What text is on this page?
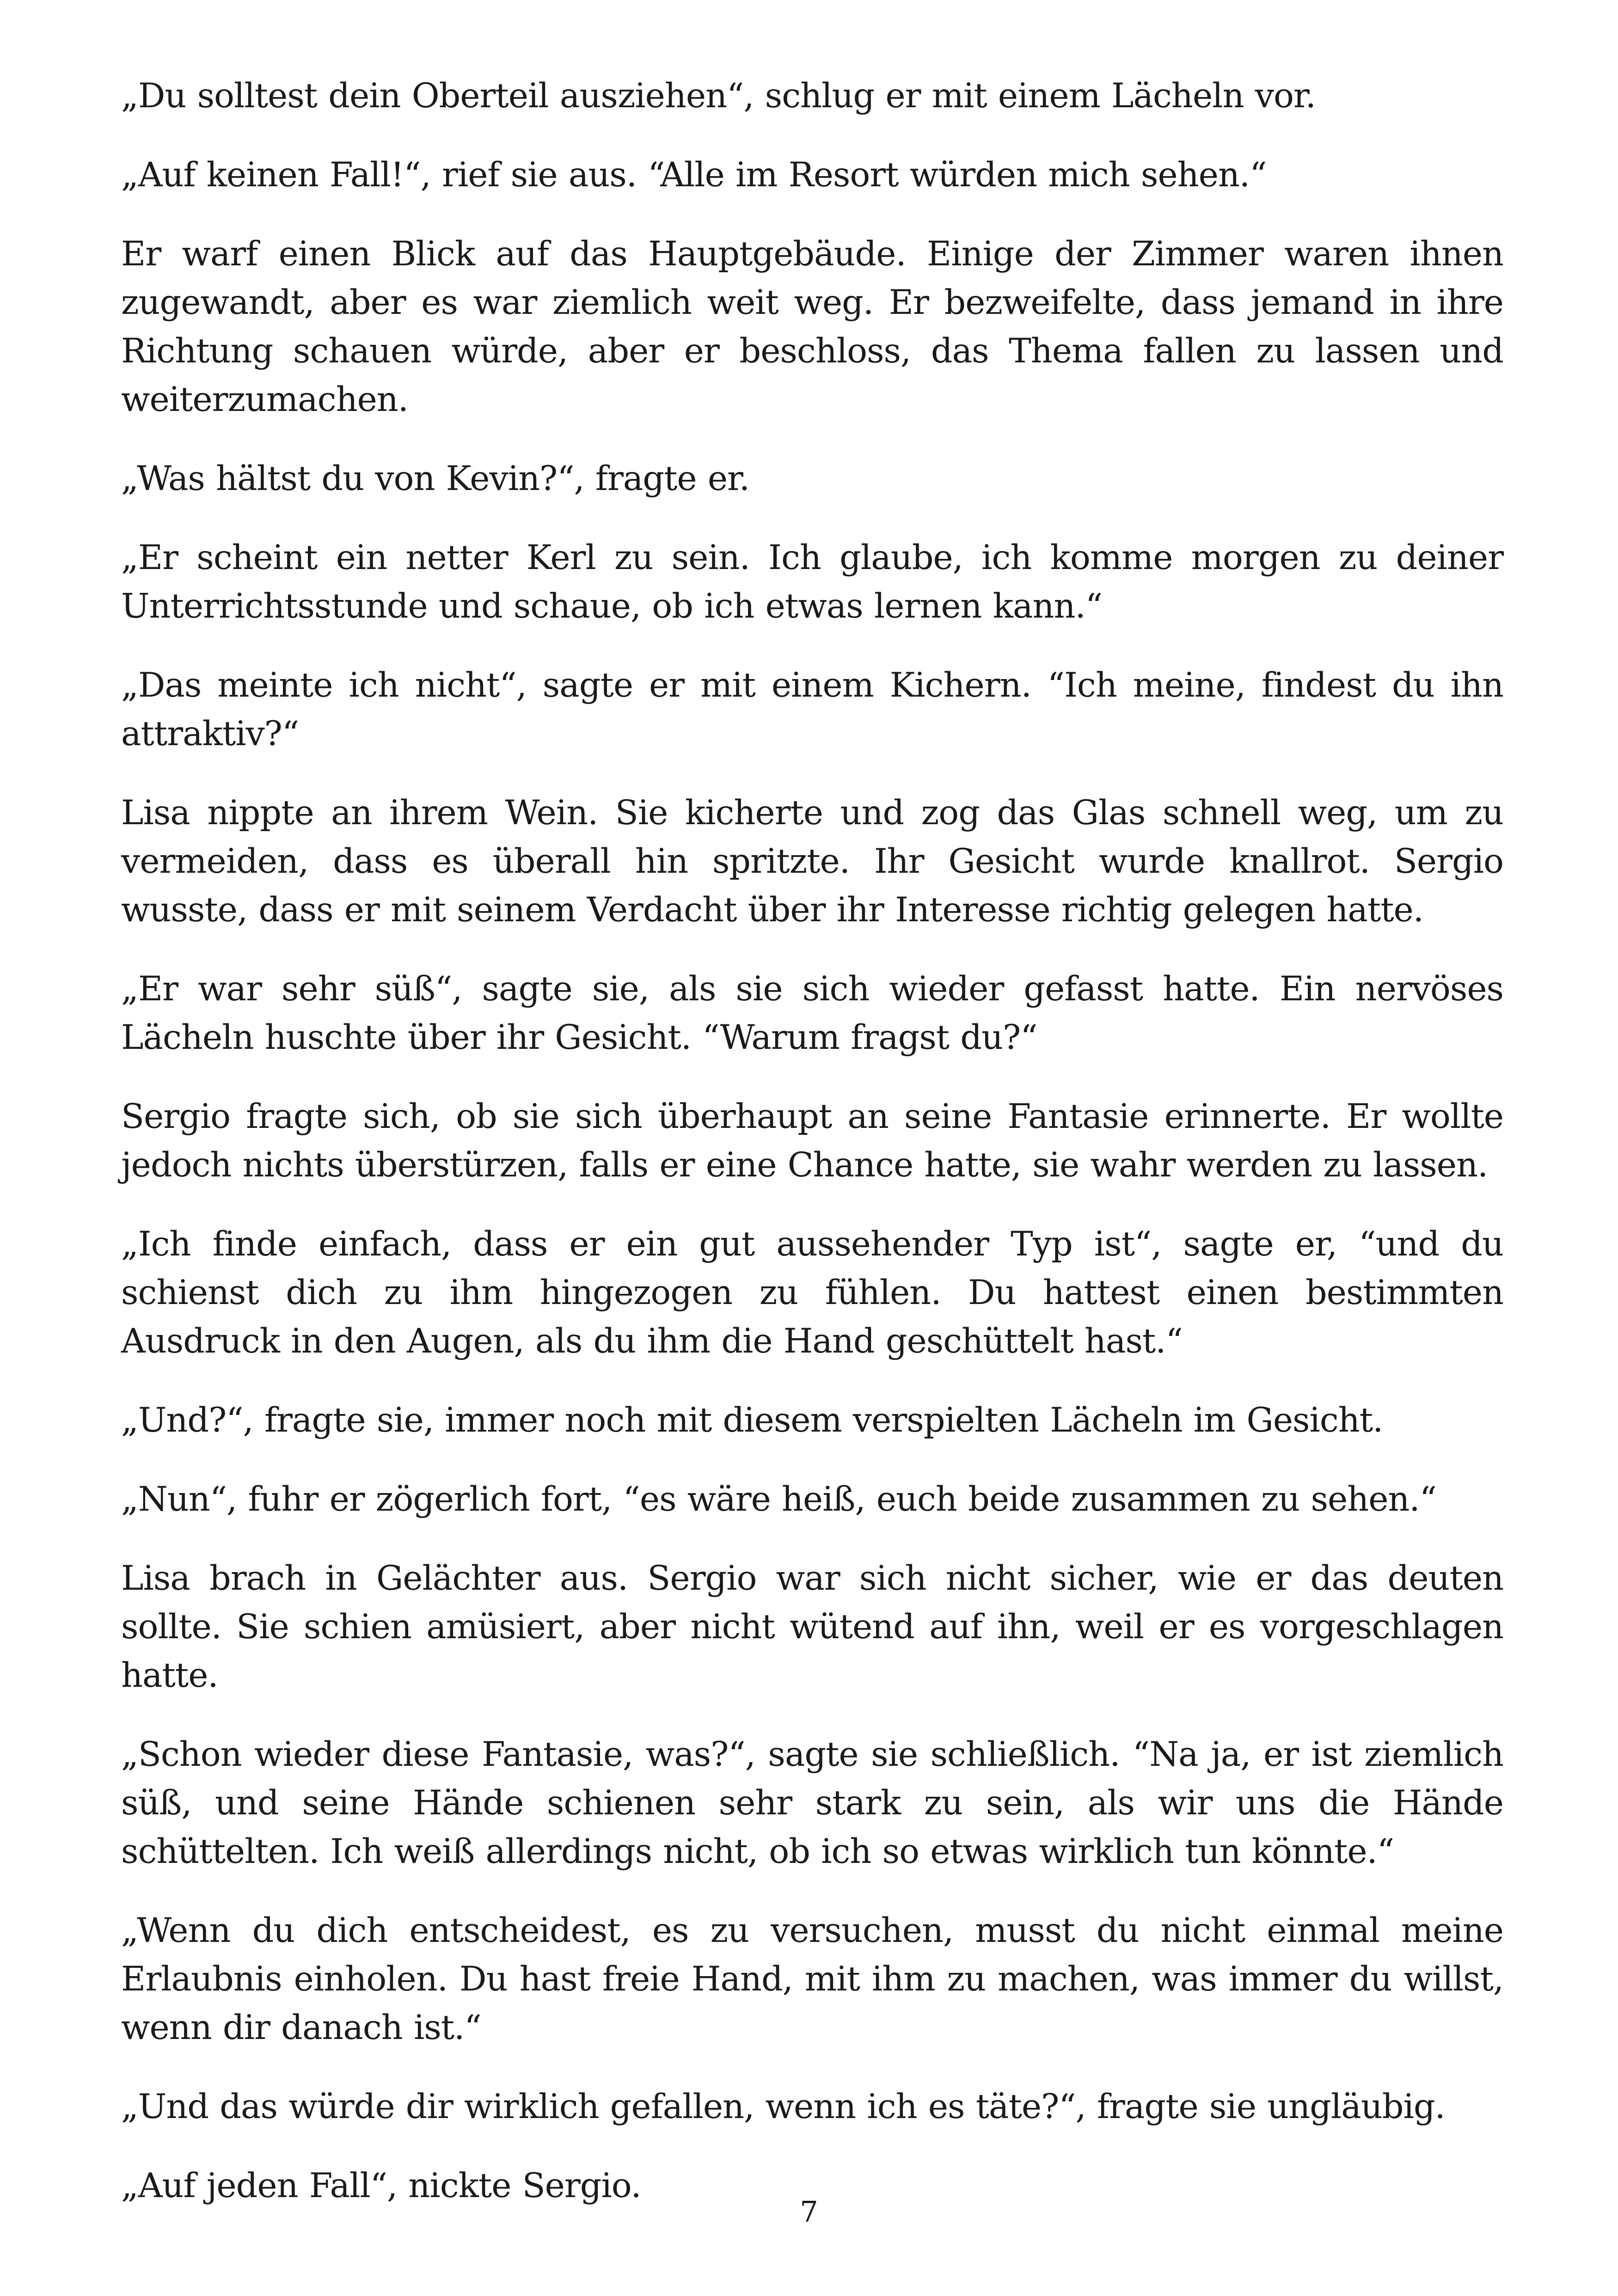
„Du solltest dein Oberteil ausziehen“, schlug er mit einem Lächeln vor.

„Auf keinen Fall!“, rief sie aus. “Alle im Resort würden mich sehen.“

Er warf einen Blick auf das Hauptgebäude. Einige der Zimmer waren ihnen zugewandt, aber es war ziemlich weit weg. Er bezweifelte, dass jemand in ihre Richtung schauen würde, aber er beschloss, das Thema fallen zu lassen und weiterzumachen.

„Was hältst du von Kevin?“, fragte er.

„Er scheint ein netter Kerl zu sein. Ich glaube, ich komme morgen zu deiner Unterrichtsstunde und schaue, ob ich etwas lernen kann.“

„Das meinte ich nicht“, sagte er mit einem Kichern. “Ich meine, findest du ihn attraktiv?“

Lisa nippte an ihrem Wein. Sie kicherte und zog das Glas schnell weg, um zu vermeiden, dass es überall hin spritzte. Ihr Gesicht wurde knallrot. Sergio wusste, dass er mit seinem Verdacht über ihr Interesse richtig gelegen hatte.

„Er war sehr süß“, sagte sie, als sie sich wieder gefasst hatte. Ein nervöses Lächeln huschte über ihr Gesicht. “Warum fragst du?“

Sergio fragte sich, ob sie sich überhaupt an seine Fantasie erinnerte. Er wollte jedoch nichts überstürzen, falls er eine Chance hatte, sie wahr werden zu lassen.

„Ich finde einfach, dass er ein gut aussehender Typ ist“, sagte er, “und du schienst dich zu ihm hingezogen zu fühlen. Du hattest einen bestimmten Ausdruck in den Augen, als du ihm die Hand geschüttelt hast.“

„Und?“, fragte sie, immer noch mit diesem verspielten Lächeln im Gesicht.

„Nun“, fuhr er zögerlich fort, “es wäre heiß, euch beide zusammen zu sehen.“

Lisa brach in Gelächter aus. Sergio war sich nicht sicher, wie er das deuten sollte. Sie schien amüsiert, aber nicht wütend auf ihn, weil er es vorgeschlagen hatte.

„Schon wieder diese Fantasie, was?“, sagte sie schließlich. “Na ja, er ist ziemlich süß, und seine Hände schienen sehr stark zu sein, als wir uns die Hände schüttelten. Ich weiß allerdings nicht, ob ich so etwas wirklich tun könnte.“

„Wenn du dich entscheidest, es zu versuchen, musst du nicht einmal meine Erlaubnis einholen. Du hast freie Hand, mit ihm zu machen, was immer du willst, wenn dir danach ist.“

„Und das würde dir wirklich gefallen, wenn ich es täte?“, fragte sie ungläubig.

„Auf jeden Fall“, nickte Sergio.

7
